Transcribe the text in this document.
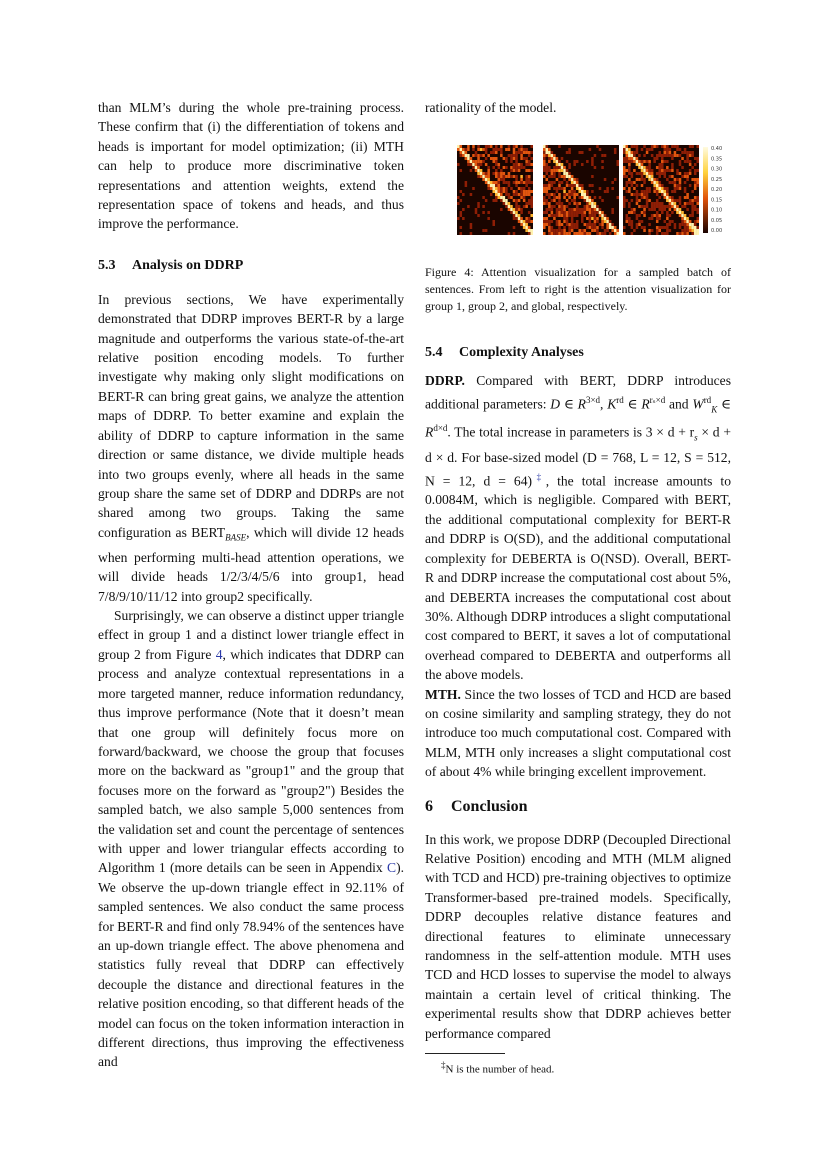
than MLM’s during the whole pre-training process. These confirm that (i) the differentiation of tokens and heads is important for model optimization; (ii) MTH can help to produce more discriminative token representations and attention weights, extend the representation space of tokens and heads, and thus improve the performance.

5.3 Analysis on DDRP

In previous sections, We have experimentally demonstrated that DDRP improves BERT-R by a large magnitude and outperforms the various state-of-the-art relative position encoding models. To further investigate why making only slight modifications on BERT-R can bring great gains, we analyze the attention maps of DDRP. To better examine and explain the ability of DDRP to capture information in the same direction or same distance, we divide multiple heads into two groups evenly, where all heads in the same group share the same set of DDRP and DDRPs are not shared among two groups. Taking the same configuration as $BERT_{BASE}$, which will divide 12 heads when performing multi-head attention operations, we will divide heads 1/2/3/4/5/6 into group1, head 7/8/9/10/11/12 into group2 specifically.

Surprisingly, we can observe a distinct upper triangle effect in group 1 and a distinct lower triangle effect in group 2 from Figure 4, which indicates that DDRP can process and analyze contextual representations in a more targeted manner, reduce information redundancy, thus improve performance (Note that it doesn’t mean that one group will definitely focus more on forward/backward, we choose the group that focuses more on the backward as "group1" and the group that focuses more on the forward as "group2") Besides the sampled batch, we also sample 5,000 sentences from the validation set and count the percentage of sentences with upper and lower triangular effects according to Algorithm 1 (more details can be seen in Appendix C). We observe the up-down triangle effect in 92.11% of sampled sentences. We also conduct the same process for BERT-R and find only 78.94% of the sentences have an up-down triangle effect. The above phenomena and statistics fully reveal that DDRP can effectively decouple the distance and directional features in the relative position encoding, so that different heads of the model can focus on the token information interaction in different directions, thus improving the effectiveness and

rationality of the model.

0.40
0.35
0.30
0.25
0.20
0.15
0.10
0.05
0.00

Figure 4: Attention visualization for a sampled batch of sentences. From left to right is the attention visualization for group 1, group 2, and global, respectively.

5.4 Complexity Analyses

DDRP. Compared with BERT, DDRP introduces additional parameters: D ∈ $R^{3\times d}$, $K^{rd}$ ∈ $R^{r_s\times d}$ and $W^{rd}_K$ ∈ $R^{d\times d}$. The total increase in parameters is $3 \times d + r_s \times d + d \times d$. For base-sized model (D = 768, L = 12, S = 512, N = 12, d = 64)‡, the total increase amounts to 0.0084M, which is negligible. Compared with BERT, the additional computational complexity for BERT-R and DDRP is O(SD), and the additional computational complexity for DEBERTA is O(NSD). Overall, BERT-R and DDRP increase the computational cost about 5%, and DEBERTA increases the computational cost about 30%. Although DDRP introduces a slight computational cost compared to BERT, it saves a lot of computational overhead compared to DEBERTA and outperforms all the above models.

MTH. Since the two losses of TCD and HCD are based on cosine similarity and sampling strategy, they do not introduce too much computational cost. Compared with MLM, MTH only increases a slight computational cost of about 4% while bringing excellent improvement.

6 Conclusion

In this work, we propose DDRP (Decoupled Directional Relative Position) encoding and MTH (MLM aligned with TCD and HCD) pre-training objectives to optimize Transformer-based pre-trained models. Specifically, DDRP decouples relative distance features and directional features to eliminate unnecessary randomness in the self-attention module. MTH uses TCD and HCD losses to supervise the model to always maintain a certain level of critical thinking. The experimental results show that DDRP achieves better performance compared

‡N is the number of head.
